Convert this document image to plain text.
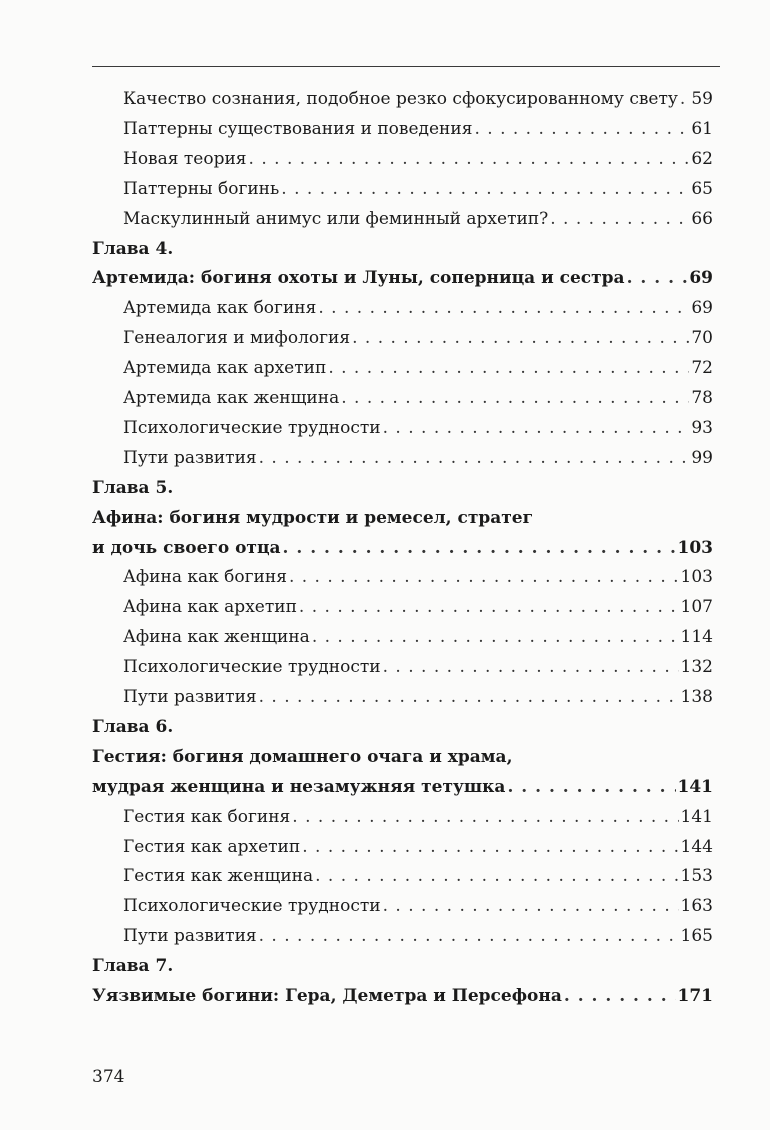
Качество сознания, подобное резко сфокусированному свету . . . 59
Паттерны существования и поведения . . .	61
Новая теория . . .	62
Паттерны богинь . . .	65
Маскулинный анимус или феминный архетип? . . .	66
Глава 4.
Артемида: богиня охоты и Луны, соперница и сестра . . .	69
Артемида как богиня . . .	69
Генеалогия и мифология . . .	70
Артемида как архетип . . .	72
Артемида как женщина . . .	78
Психологические трудности . . .	93
Пути развития . . .	99
Глава 5.
Афина: богиня мудрости и ремесел, стратег
и дочь своего отца . . .	103
Афина как богиня . . .	103
Афина как архетип . . .	107
Афина как женщина . . .	114
Психологические трудности . . .	132
Пути развития . . .	138
Глава 6.
Гестия: богиня домашнего очага и храма,
мудрая женщина и незамужняя тетушка . . .	141
Гестия как богиня . . .	141
Гестия как архетип . . .	144
Гестия как женщина . . .	153
Психологические трудности . . .	163
Пути развития . . .	165
Глава 7.
Уязвимые богини: Гера, Деметра и Персефона . . .	171
374
